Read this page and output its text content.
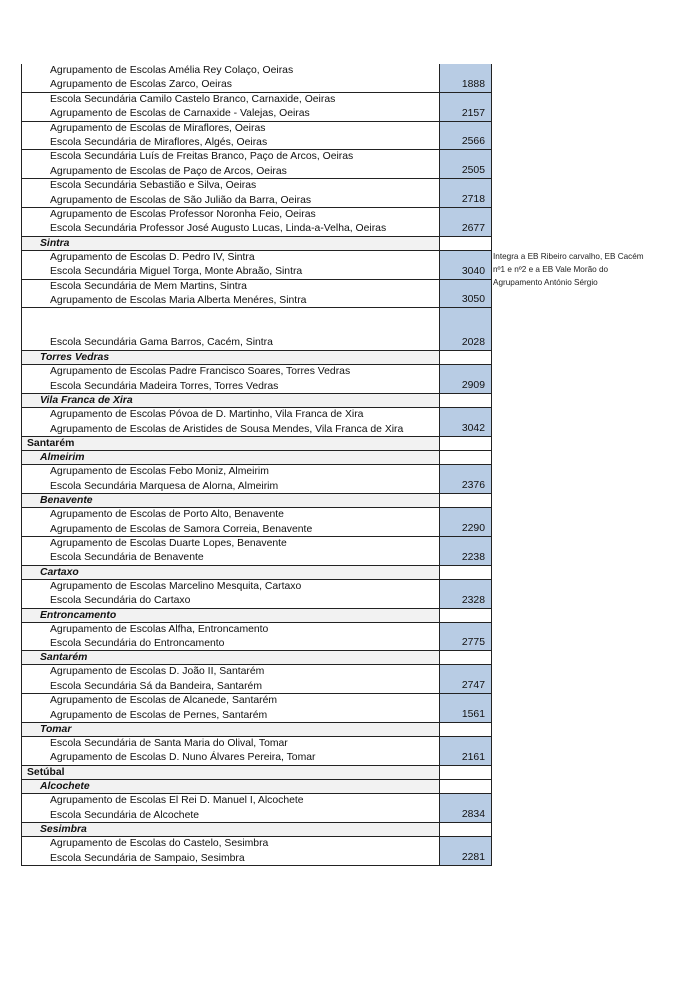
Agrupamento de Escolas Amélia Rey Colaço, Oeiras
Agrupamento de Escolas Zarco, Oeiras	1888
Escola Secundária Camilo Castelo Branco, Carnaxide, Oeiras
Agrupamento de Escolas de Carnaxide - Valejas, Oeiras	2157
Agrupamento de Escolas de Miraflores, Oeiras
Escola Secundária de Miraflores, Algés, Oeiras	2566
Escola Secundária Luís de Freitas Branco, Paço de Arcos, Oeiras
Agrupamento de Escolas de Paço de Arcos, Oeiras	2505
Escola Secundária Sebastião e Silva, Oeiras
Agrupamento de Escolas de São Julião da Barra, Oeiras	2718
Agrupamento de Escolas Professor Noronha Feio, Oeiras
Escola Secundária Professor José Augusto Lucas, Linda-a-Velha, Oeiras	2677
Sintra
Agrupamento de Escolas D. Pedro IV, Sintra
Escola Secundária Miguel Torga, Monte Abraão, Sintra	3040
Escola Secundária de Mem Martins, Sintra
Agrupamento de Escolas Maria Alberta Menéres, Sintra	3050
Escola Secundária Gama Barros, Cacém, Sintra	2028
Torres Vedras
Agrupamento de Escolas Padre Francisco Soares, Torres Vedras
Escola Secundária Madeira Torres, Torres Vedras	2909
Vila Franca de Xira
Agrupamento de Escolas Póvoa de D. Martinho, Vila Franca de Xira
Agrupamento de Escolas de Aristides de Sousa Mendes, Vila Franca de Xira	3042
Santarém
Almeirim
Agrupamento de Escolas Febo Moniz, Almeirim
Escola Secundária Marquesa de Alorna, Almeirim	2376
Benavente
Agrupamento de Escolas de Porto Alto, Benavente
Agrupamento de Escolas de Samora Correia, Benavente	2290
Agrupamento de Escolas Duarte Lopes, Benavente
Escola Secundária de Benavente	2238
Cartaxo
Agrupamento de Escolas Marcelino Mesquita, Cartaxo
Escola Secundária do Cartaxo	2328
Entroncamento
Agrupamento de Escolas Alfha, Entroncamento
Escola Secundária do Entroncamento	2775
Santarém
Agrupamento de Escolas D. João II, Santarém
Escola Secundária Sá da Bandeira, Santarém	2747
Agrupamento de Escolas de Alcanede, Santarém
Agrupamento de Escolas de Pernes, Santarém	1561
Tomar
Escola Secundária de Santa Maria do Olival, Tomar
Agrupamento de Escolas D. Nuno Álvares Pereira, Tomar	2161
Setúbal
Alcochete
Agrupamento de Escolas El Rei D. Manuel I, Alcochete
Escola Secundária de Alcochete	2834
Sesimbra
Agrupamento de Escolas do Castelo, Sesimbra
Escola Secundária de Sampaio, Sesimbra	2281
Integra a EB Ribeiro carvalho, EB Cacém
nº1 e nº2 e a EB Vale Morão do
Agrupamento António Sérgio
